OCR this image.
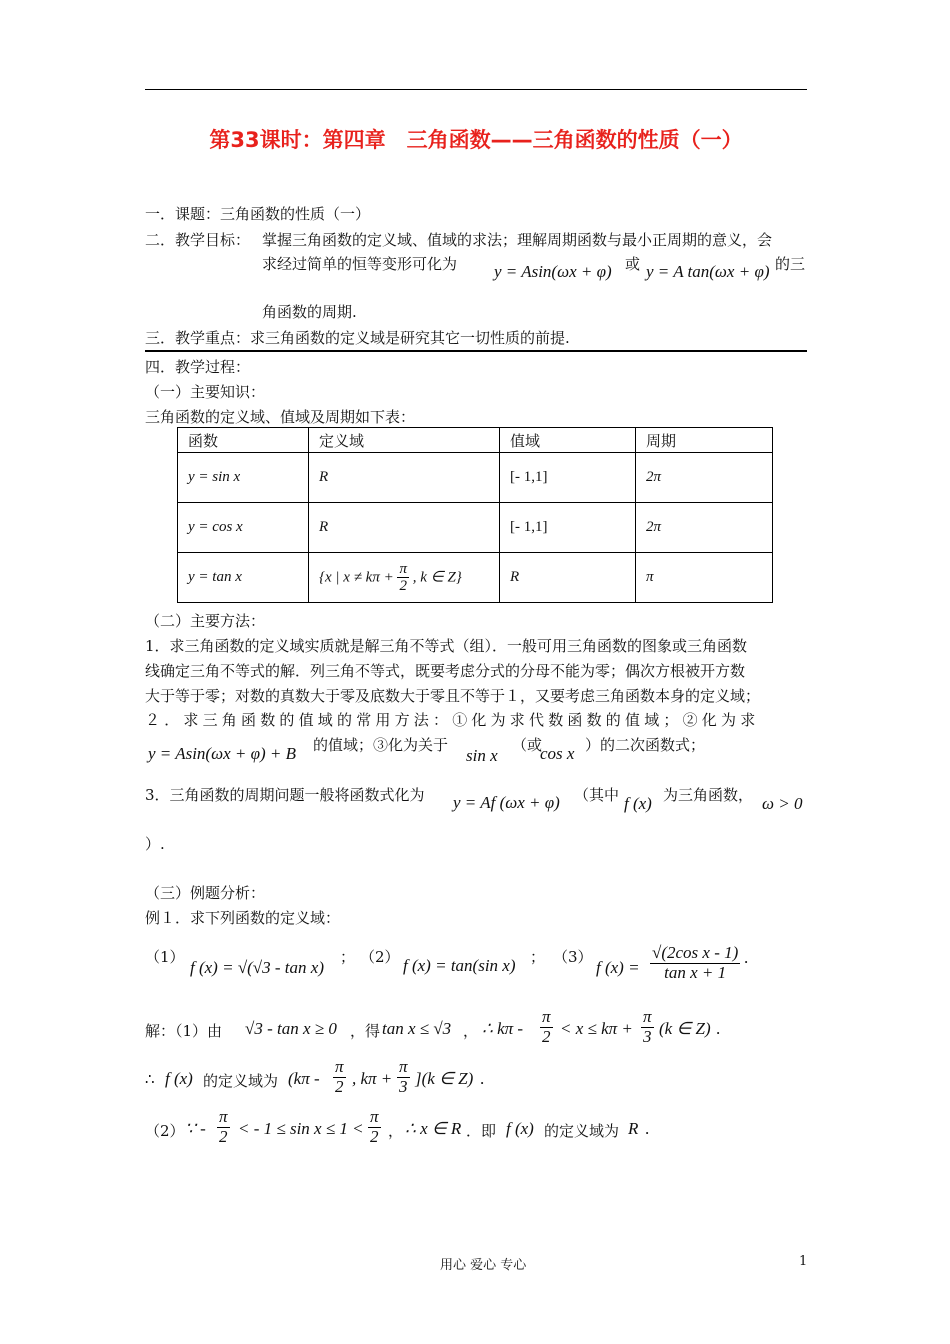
第33课时：第四章　三角函数——三角函数的性质（一）
一．课题：三角函数的性质（一）
二．教学目标： 掌握三角函数的定义域、值域的求法；理解周期函数与最小正周期的意义，会
求经过简单的恒等变形可化为 y = Asin(ωx + φ) 或 y = A tan(ωx + φ) 的三
角函数的周期.
三．教学重点：求三角函数的定义域是研究其它一切性质的前提.
四．教学过程：
（一）主要知识：
三角函数的定义域、值域及周期如下表：
函数	定义域	值域	周期
y = sin x	R	[- 1,1]	2π
y = cos x	R	[- 1,1]	2π
y = tan x	{x | $x \ne k\pi + \frac{\pi}{2}$ , k ∈ Z}	R	π
（二）主要方法：
1．求三角函数的定义域实质就是解三角不等式（组）．一般可用三角函数的图象或三角函数
线确定三角不等式的解．列三角不等式，既要考虑分式的分母不能为零；偶次方根被开方数
大于等于零；对数的真数大于零及底数大于零且不等于１，又要考虑三角函数本身的定义域；
２．求三角函数的值域的常用方法：①化为求代数函数的值域；②化为求
y = Asin(ωx + φ) + B 的值域；③化为关于
sin x
（或
cos x ）的二次函数式；
3．三角函数的周期问题一般将函数式化为 y = Af (ωx + φ) （其中 f (x) 为三角函数， ω > 0
）.
（三）例题分析：
例１．求下列函数的定义域：
（1）
f (x) = √(√3 - tan x)
； （2） f (x) = tan(sin x) ； （3）
f $(x) = \frac{\text{√(2cos x - 1)}}{\text{tan x + 1}}$ .
解：（1）由 √3 - tan x ≥ 0 ，得 tan x ≤ √3 ， ∴ $k\pi - \frac{\pi}{2} < x \le k\pi + \frac{\pi}{3} (k$ ∈ Z) .
∴ f (x) 的定义域为 ($k\pi - \frac{\pi}{2}$ , $k\pi + \frac{\pi}{3} ](k$ ∈ Z) .
（2） ∵ - $\frac{\pi}{2}$ < - $1 \le \sin x \le 1 < \frac{\pi}{2}$ ， ∴ x ∈ R ．即 f (x) 的定义域为 R .
用心 爱心 专心	1
